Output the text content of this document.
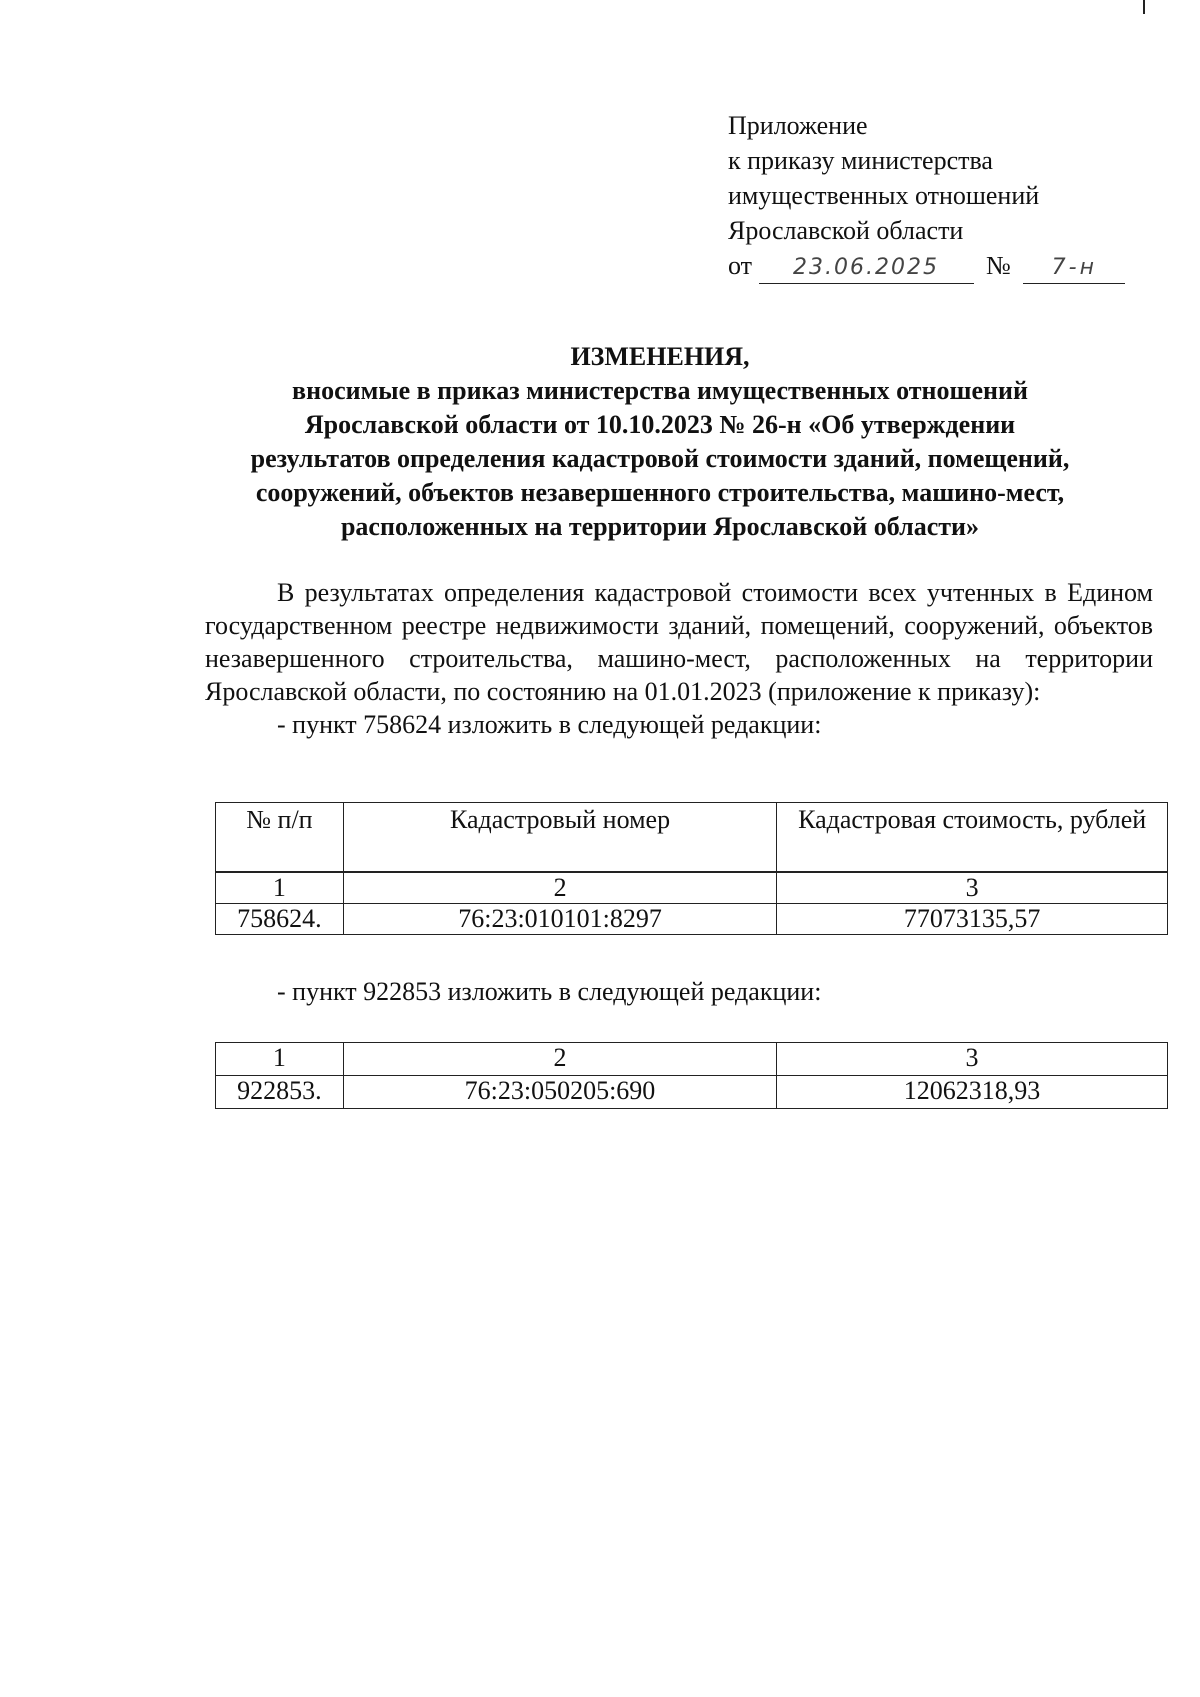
Приложение
к приказу министерства
имущественных отношений
Ярославской области
от 23.06.2025 № 7-н
ИЗМЕНЕНИЯ,
вносимые в приказ министерства имущественных отношений
Ярославской области от 10.10.2023 № 26-н «Об утверждении
результатов определения кадастровой стоимости зданий, помещений,
сооружений, объектов незавершенного строительства, машино-мест,
расположенных на территории Ярославской области»

В результатах определения кадастровой стоимости всех учтенных в Едином государственном реестре недвижимости зданий, помещений, сооружений, объектов незавершенного строительства, машино-мест, расположенных на территории Ярославской области, по состоянию на 01.01.2023 (приложение к приказу):

- пункт 758624 изложить в следующей редакции:

№ п/п	Кадастровый номер	Кадастровая стоимость, рублей

1	2	3
758624.	76:23:010101:8297	77073135,57
- пункт 922853 изложить в следующей редакции:
1	2	3
922853.	76:23:050205:690	12062318,93
